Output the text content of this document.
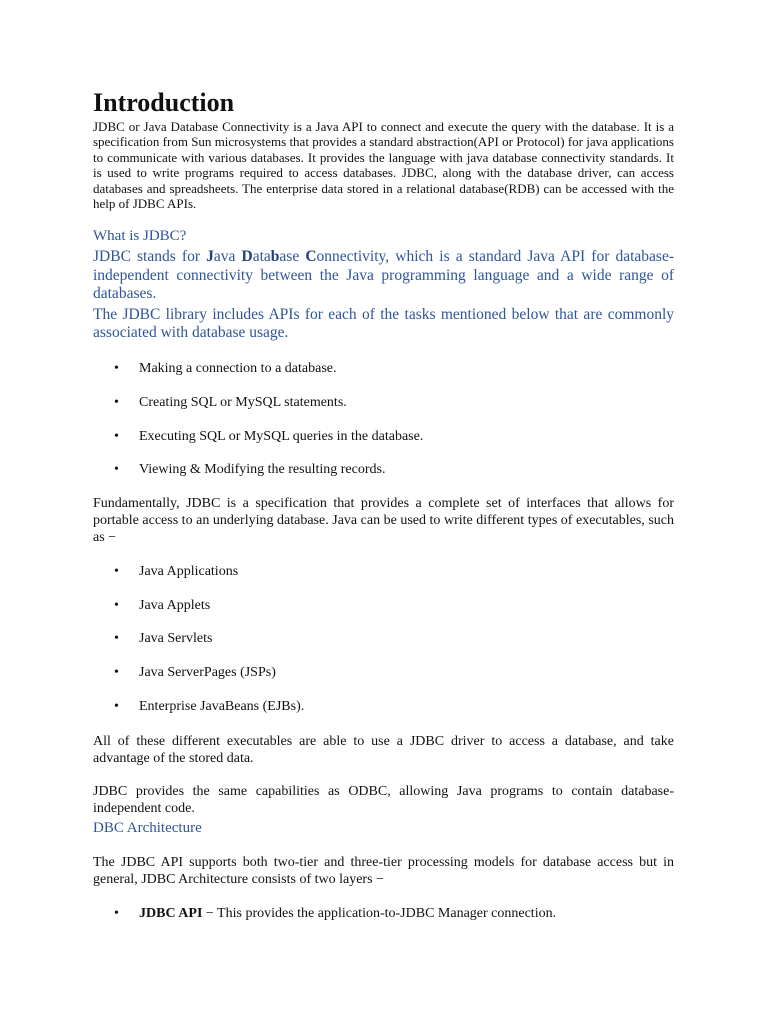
Introduction

JDBC or Java Database Connectivity is a Java API to connect and execute the query with the database. It is a specification from Sun microsystems that provides a standard abstraction(API or Protocol) for java applications to communicate with various databases. It provides the language with java database connectivity standards. It is used to write programs required to access databases. JDBC, along with the database driver, can access databases and spreadsheets. The enterprise data stored in a relational database(RDB) can be accessed with the help of JDBC APIs.

What is JDBC?

JDBC stands for Java Database Connectivity, which is a standard Java API for database-independent connectivity between the Java programming language and a wide range of databases.

The JDBC library includes APIs for each of the tasks mentioned below that are commonly associated with database usage.

• Making a connection to a database.
• Creating SQL or MySQL statements.
• Executing SQL or MySQL queries in the database.
• Viewing & Modifying the resulting records.

Fundamentally, JDBC is a specification that provides a complete set of interfaces that allows for portable access to an underlying database. Java can be used to write different types of executables, such as −

• Java Applications
• Java Applets
• Java Servlets
• Java ServerPages (JSPs)
• Enterprise JavaBeans (EJBs).

All of these different executables are able to use a JDBC driver to access a database, and take advantage of the stored data.

JDBC provides the same capabilities as ODBC, allowing Java programs to contain database-independent code.

DBC Architecture

The JDBC API supports both two-tier and three-tier processing models for database access but in general, JDBC Architecture consists of two layers −

• JDBC API − This provides the application-to-JDBC Manager connection.
